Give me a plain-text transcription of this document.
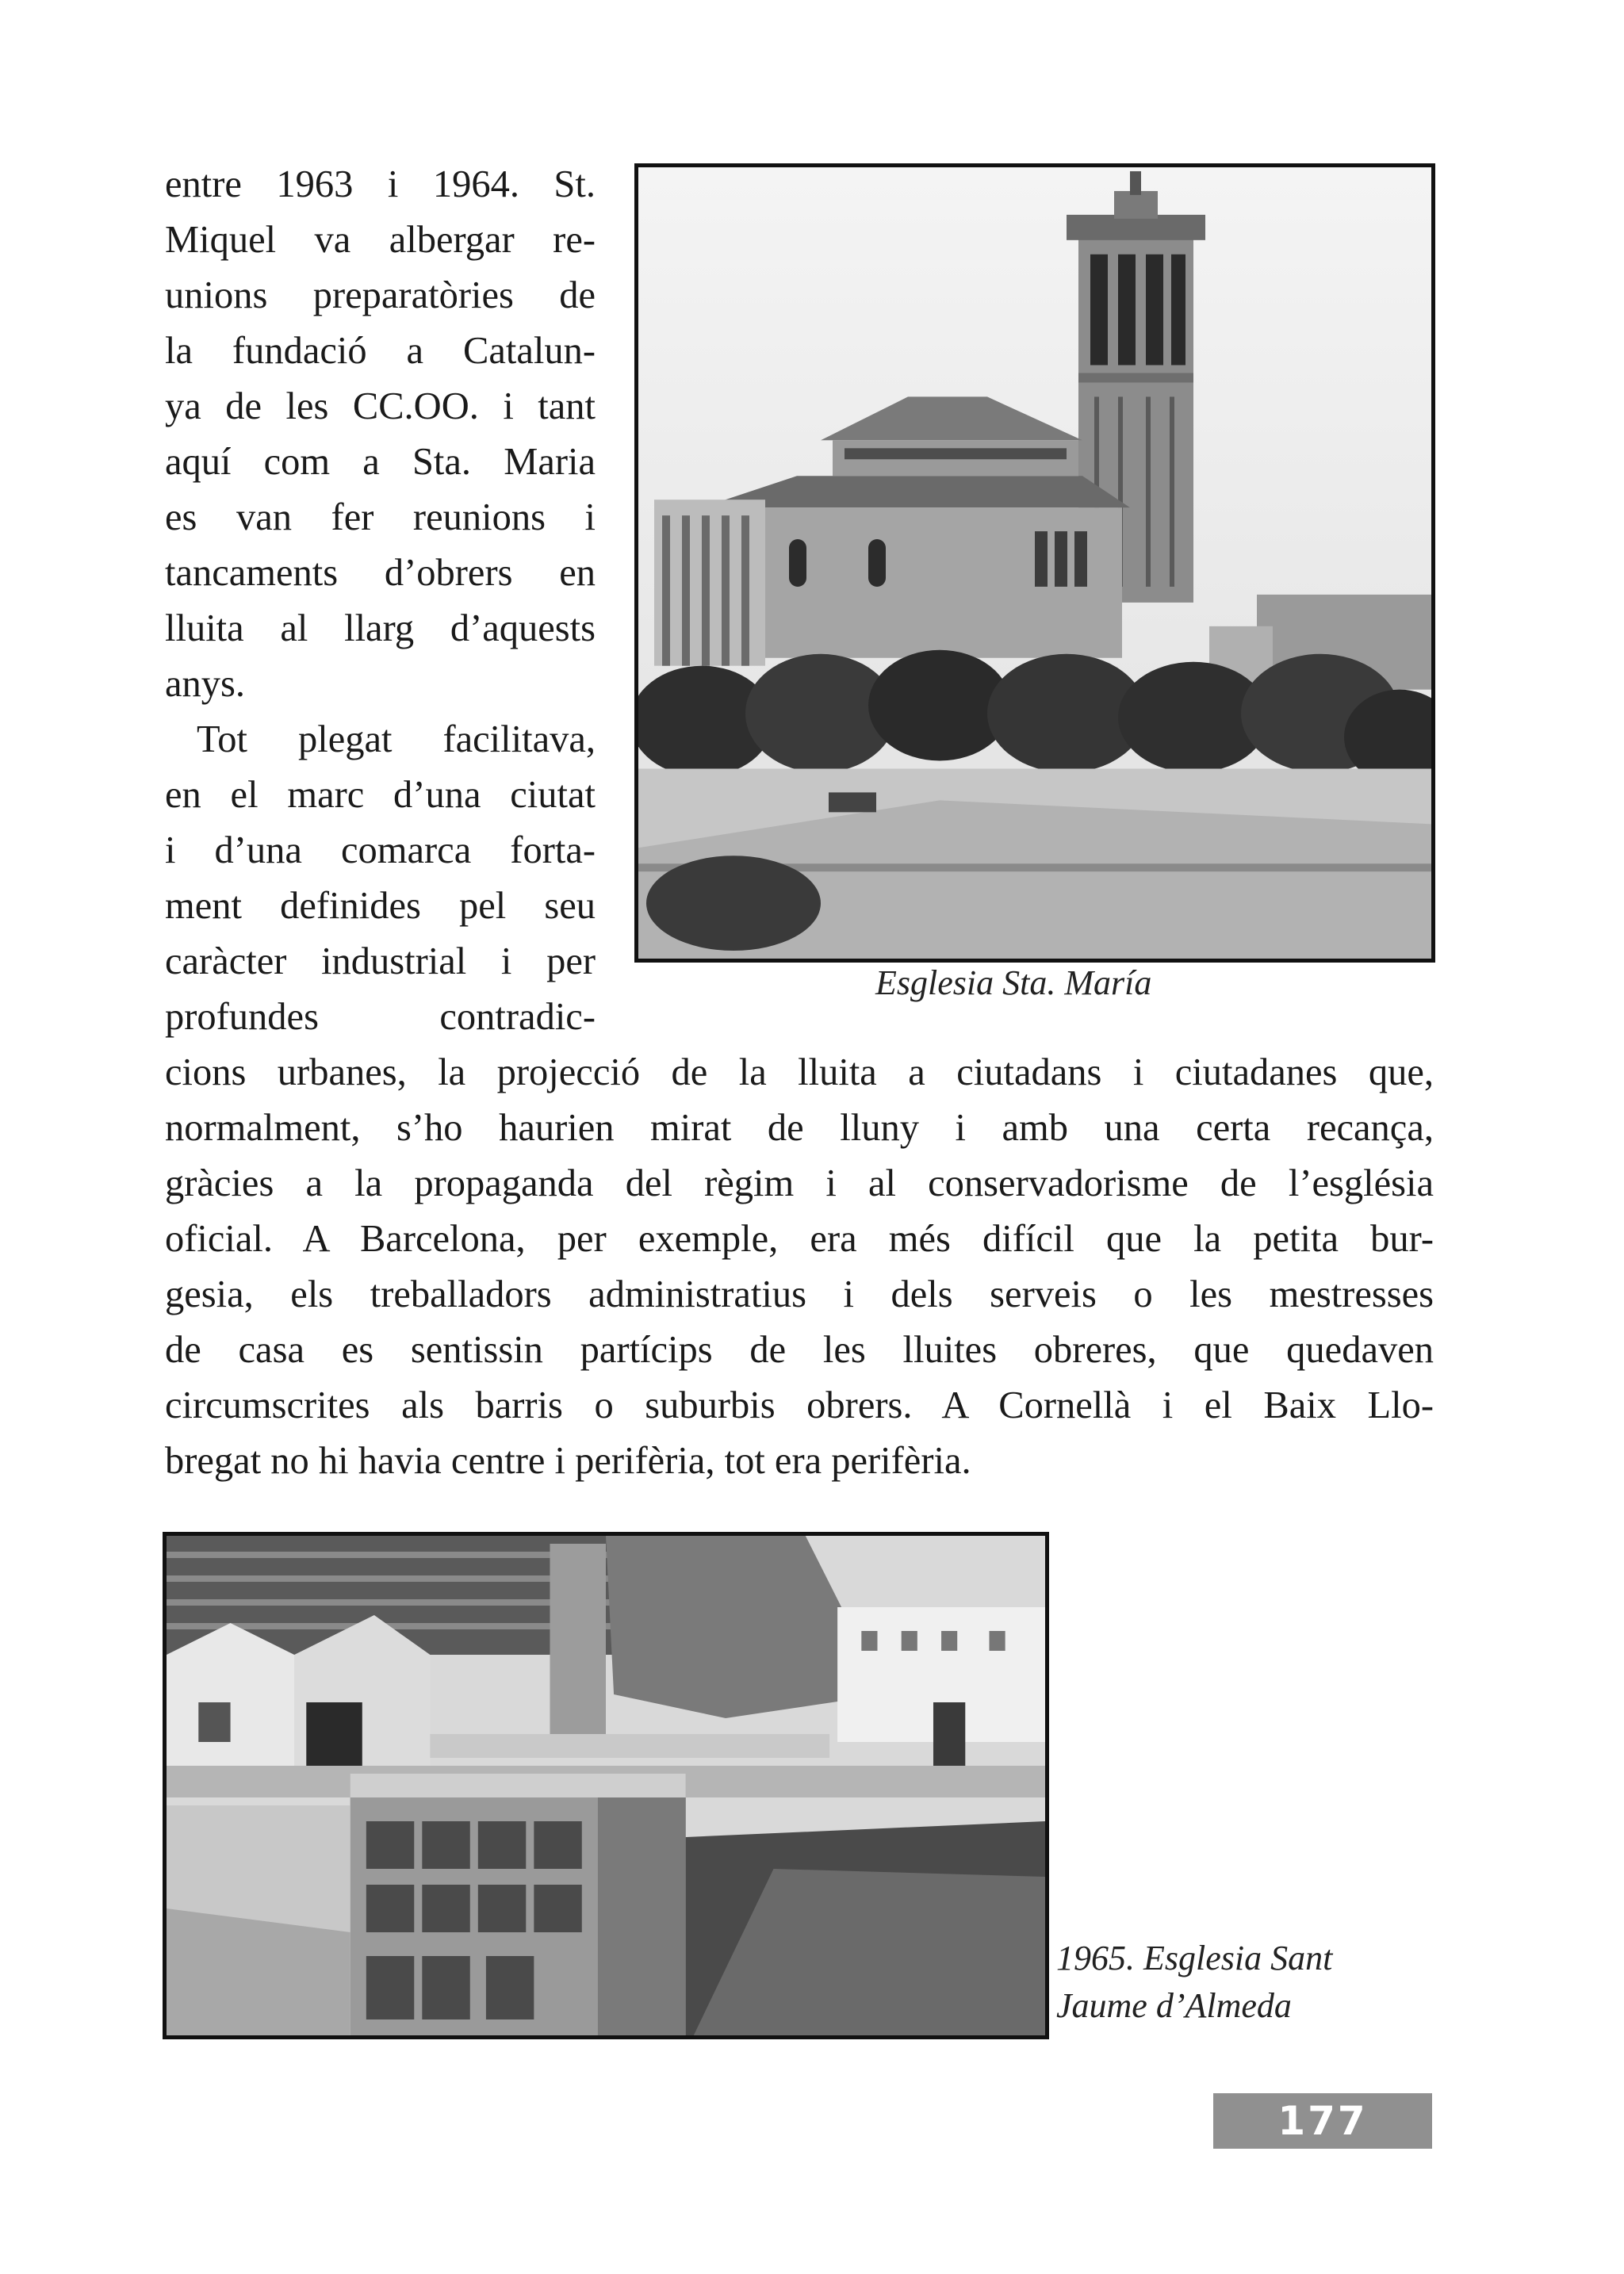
entre 1963 i 1964. St.
Miquel va albergar re-
unions preparatòries de
la fundació a Catalun-
ya de les CC.OO. i tant
aquí com a Sta. Maria
es van fer reunions i
tancaments d’obrers en
lluita al llarg d’aquests
anys.
Tot plegat facilitava,
en el marc d’una ciutat
i d’una comarca forta-
ment definides pel seu
caràcter industrial i per
profundes contradic-
cions urbanes, la projecció de la lluita a ciutadans i ciutadanes que,
normalment, s’ho haurien mirat de lluny i amb una certa recança,
gràcies a la propaganda del règim i al conservadorisme de l’església
oficial. A Barcelona, per exemple, era més difícil que la petita bur-
gesia, els treballadors administratius i dels serveis o les mestresses
de casa es sentissin partícips de les lluites obreres, que quedaven
circumscrites als barris o suburbis obrers. A Cornellà i el Baix Llo-
bregat no hi havia centre i perifèria, tot era perifèria.
Esglesia Sta. María
1965. Esglesia Sant
Jaume d’Almeda
177
